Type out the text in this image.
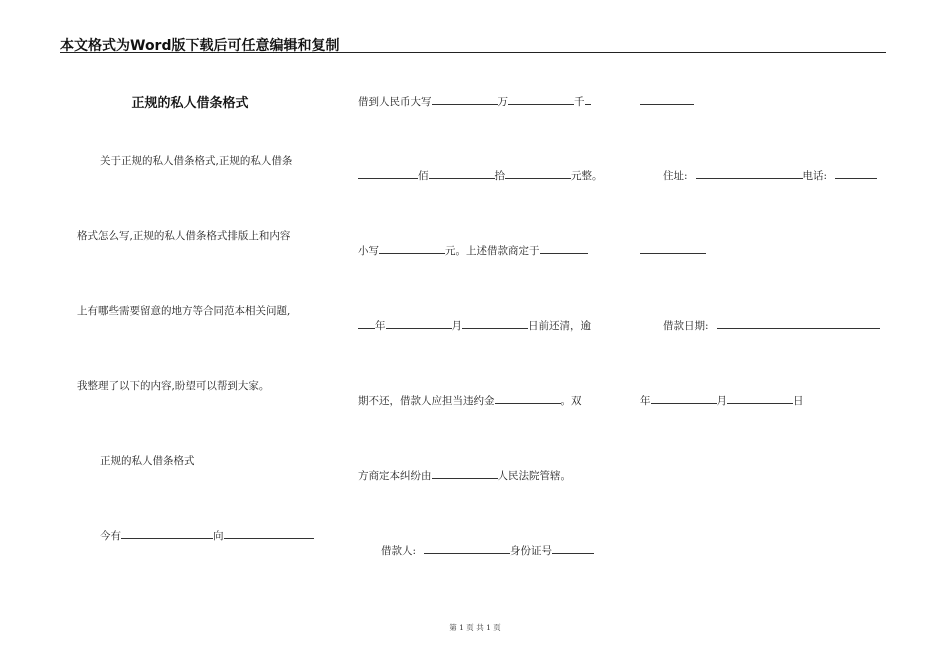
本文格式为Word版下载后可任意编辑和复制
正规的私人借条格式
关于正规的私人借条格式,正规的私人借条
格式怎么写,正规的私人借条格式排版上和内容
上有哪些需要留意的地方等合同范本相关问题,
我整理了以下的内容,盼望可以帮到大家。
正规的私人借条格式
今有	向
借到人民币大写	万	千
佰	拾	元整。
小写	元。上述借款商定于
年	月	日前还清，逾
期不还，借款人应担当违约金	。双
方商定本纠纷由	人民法院管辖。
借款人:	身份证号
住址:	电话:
借款日期:
年	月	日
第 1 页 共 1 页
